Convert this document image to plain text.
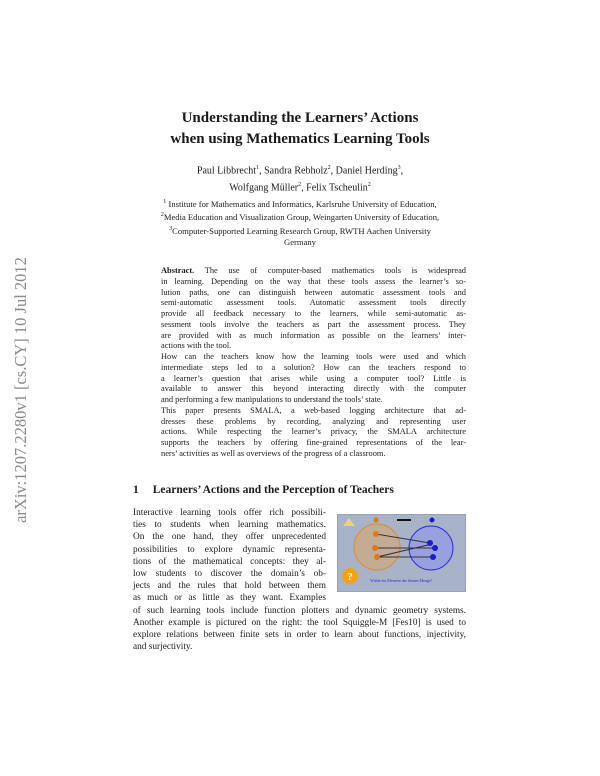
arXiv:1207.2280v1 [cs.CY] 10 Jul 2012
Understanding the Learners’ Actions
when using Mathematics Learning Tools
Paul Libbrecht$^1$, Sandra Rebholz$^2$, Daniel Herding$^3$,
Wolfgang Müller$^2$, Felix Tscheulin$^2$
$^1$ Institute for Mathematics and Informatics, Karlsruhe University of Education,
$^2$Media Education and Visualization Group, Weingarten University of Education,
$^3$Computer-Supported Learning Research Group, RWTH Aachen University
Germany
Abstract. The use of computer-based mathematics tools is widespread
in learning. Depending on the way that these tools assess the learner’s so-
lution paths, one can distinguish between automatic assessment tools and
semi-automatic assessment tools. Automatic assessment tools directly
provide all feedback necessary to the learners, while semi-automatic as-
sessment tools involve the teachers as part the assessment process. They
are provided with as much information as possible on the learners’ inter-
actions with the tool.
How can the teachers know how the learning tools were used and which
intermediate steps led to a solution? How can the teachers respond to
a learner’s question that arises while using a computer tool? Little is
available to answer this beyond interacting directly with the computer
and performing a few manipulations to understand the tools’ state.
This paper presents SMALA, a web-based logging architecture that ad-
dresses these problems by recording, analyzing and representing user
actions. While respecting the learner’s privacy, the SMALA architecture
supports the teachers by offering fine-grained representations of the lear-
ners’ activities as well as overviews of the progress of a classroom.
1 Learners’ Actions and the Perception of Teachers
Interactive learning tools offer rich possibili-
ties to students when learning mathematics.
On the one hand, they offer unprecedented
possibilities to explore dynamic representa-
tions of the mathematical concepts: they al-
low students to discover the domain’s ob-
jects and the rules that hold between them
as much or as little as they want. Examples
of such learning tools include function plotters and dynamic geometry systems.
Another example is pictured on the right: the tool Squiggle-M [Fes10] is used to
explore relations between finite sets in order to learn about functions, injectivity,
and surjectivity.
?	Wähle ein Element der blauen Menge!
